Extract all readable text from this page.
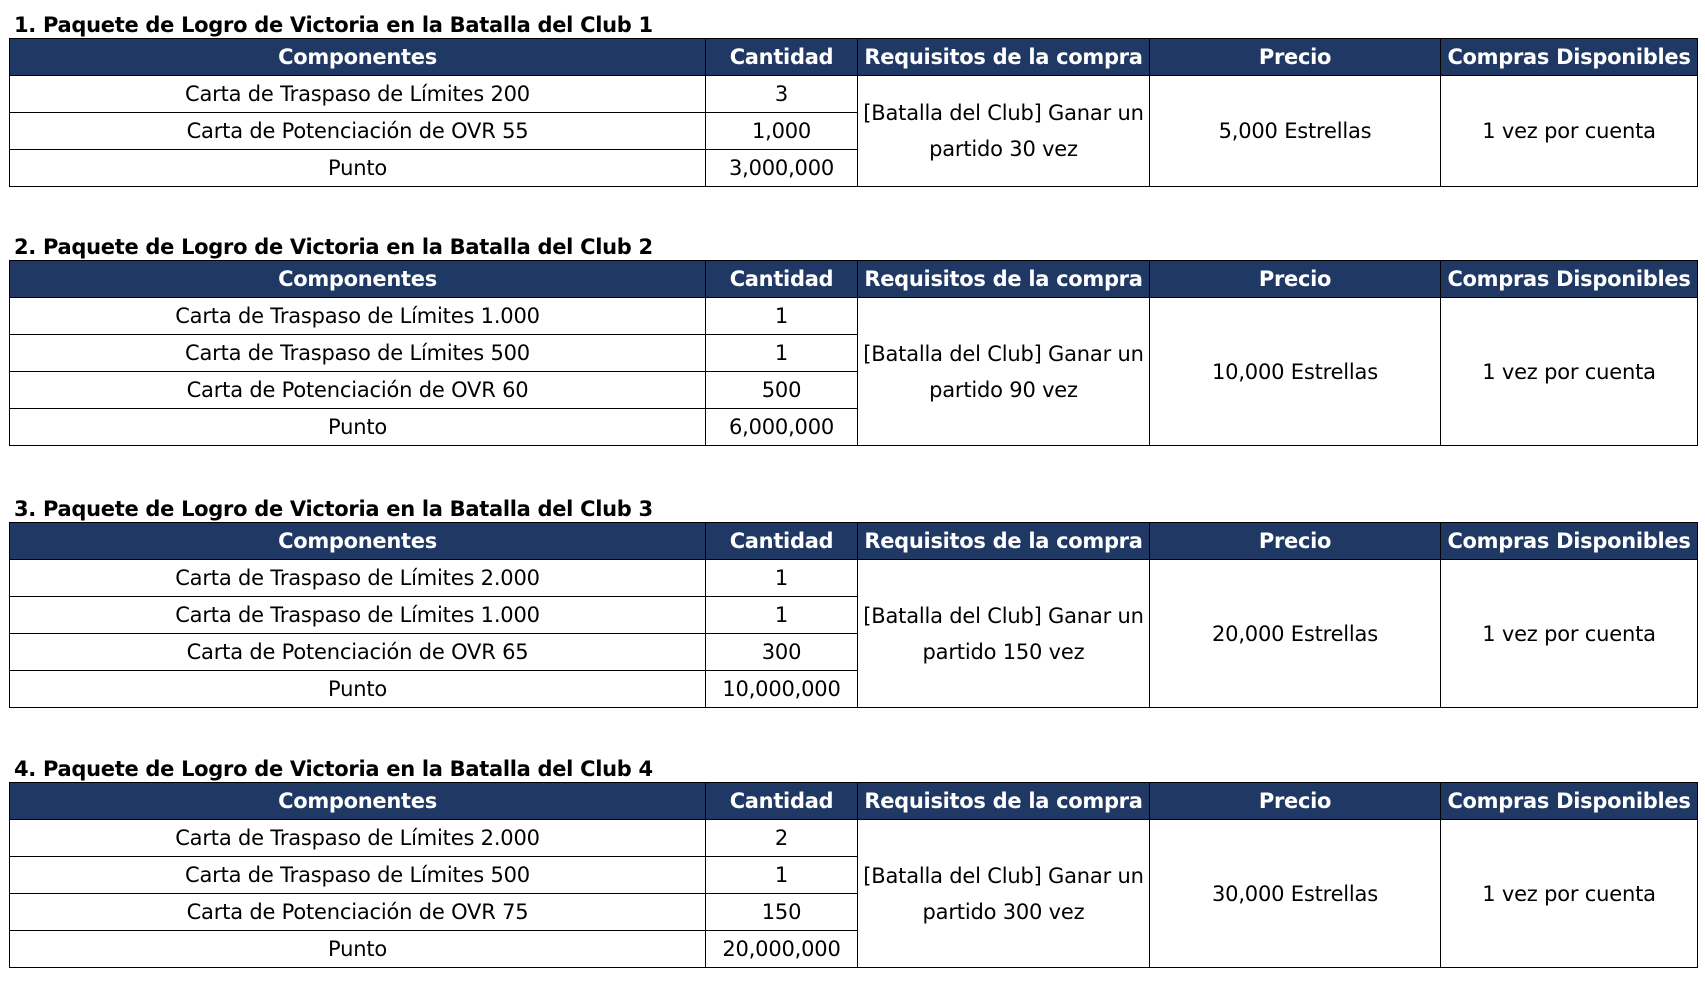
1. Paquete de Logro de Victoria en la Batalla del Club 1
Componentes	Cantidad	Requisitos de la compra	Precio	Compras Disponibles
Carta de Traspaso de Límites 200	3	[Batalla del Club] Ganar un partido 30 vez	5,000 Estrellas	1 vez por cuenta
Carta de Potenciación de OVR 55	1,000			
Punto	3,000,000			
2. Paquete de Logro de Victoria en la Batalla del Club 2
Componentes	Cantidad	Requisitos de la compra	Precio	Compras Disponibles
Carta de Traspaso de Límites 1.000	1	[Batalla del Club] Ganar un partido 90 vez	10,000 Estrellas	1 vez por cuenta
Carta de Traspaso de Límites 500	1			
Carta de Potenciación de OVR 60	500			
Punto	6,000,000			
3. Paquete de Logro de Victoria en la Batalla del Club 3
Componentes	Cantidad	Requisitos de la compra	Precio	Compras Disponibles
Carta de Traspaso de Límites 2.000	1	[Batalla del Club] Ganar un partido 150 vez	20,000 Estrellas	1 vez por cuenta
Carta de Traspaso de Límites 1.000	1			
Carta de Potenciación de OVR 65	300			
Punto	10,000,000			
4. Paquete de Logro de Victoria en la Batalla del Club 4
Componentes	Cantidad	Requisitos de la compra	Precio	Compras Disponibles
Carta de Traspaso de Límites 2.000	2	[Batalla del Club] Ganar un partido 300 vez	30,000 Estrellas	1 vez por cuenta
Carta de Traspaso de Límites 500	1			
Carta de Potenciación de OVR 75	150			
Punto	20,000,000			
